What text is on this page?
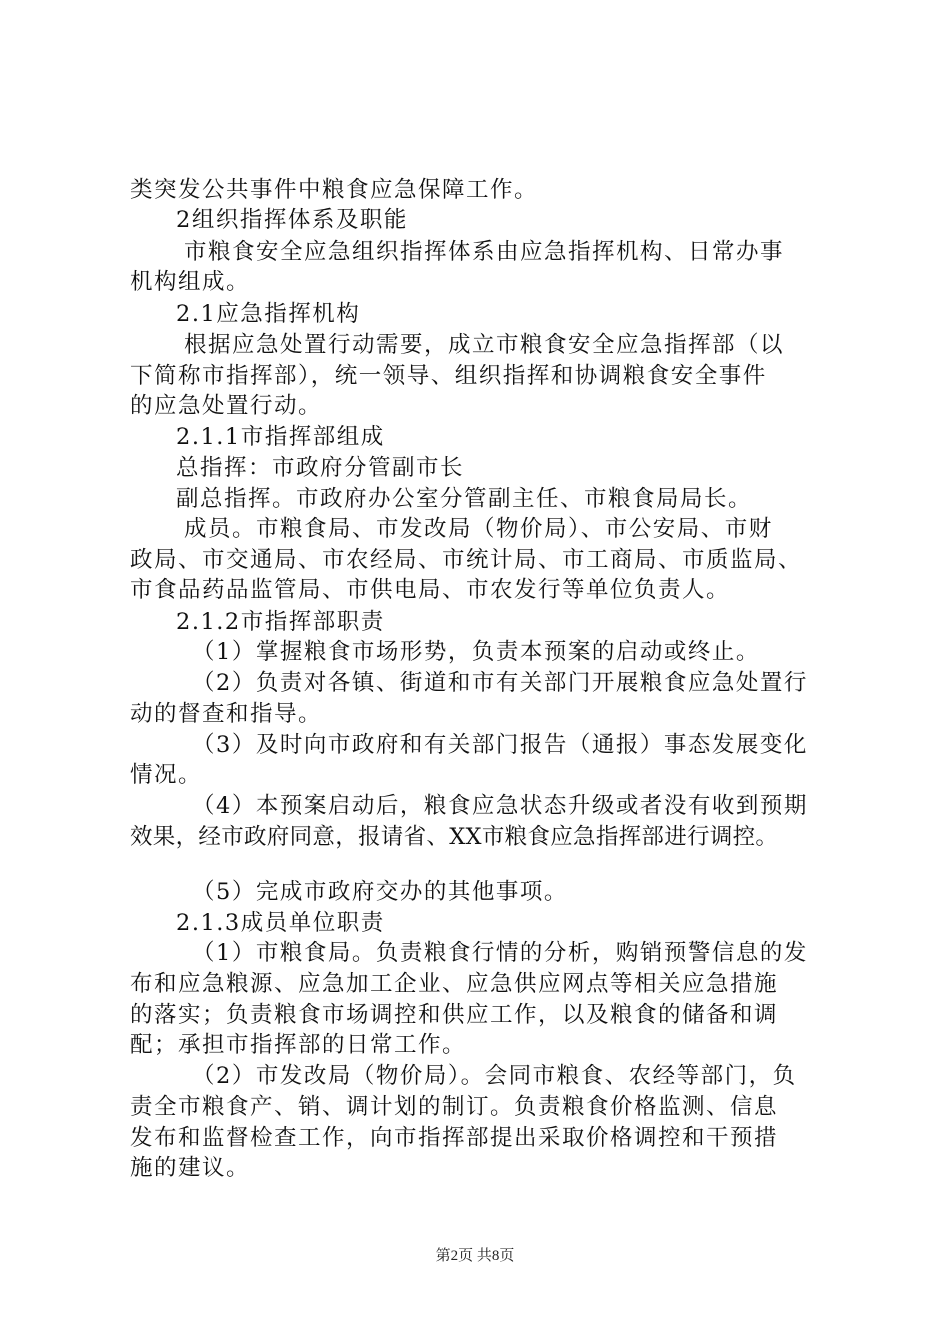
类突发公共事件中粮食应急保障工作。
2组织指挥体系及职能
市粮食安全应急组织指挥体系由应急指挥机构、日常办事
机构组成。
2.1应急指挥机构
根据应急处置行动需要，成立市粮食安全应急指挥部（以
下简称市指挥部），统一领导、组织指挥和协调粮食安全事件
的应急处置行动。
2.1.1市指挥部组成
总指挥：市政府分管副市长
副总指挥。市政府办公室分管副主任、市粮食局局长。
成员。市粮食局、市发改局（物价局）、市公安局、市财
政局、市交通局、市农经局、市统计局、市工商局、市质监局、
市食品药品监管局、市供电局、市农发行等单位负责人。
2.1.2市指挥部职责
（1）掌握粮食市场形势，负责本预案的启动或终止。
（2）负责对各镇、街道和市有关部门开展粮食应急处置行
动的督查和指导。
（3）及时向市政府和有关部门报告（通报）事态发展变化
情况。
（4）本预案启动后，粮食应急状态升级或者没有收到预期
效果，经市政府同意，报请省、XX市粮食应急指挥部进行调控。
（5）完成市政府交办的其他事项。
2.1.3成员单位职责
（1）市粮食局。负责粮食行情的分析，购销预警信息的发
布和应急粮源、应急加工企业、应急供应网点等相关应急措施
的落实；负责粮食市场调控和供应工作，以及粮食的储备和调
配；承担市指挥部的日常工作。
（2）市发改局（物价局）。会同市粮食、农经等部门，负
责全市粮食产、销、调计划的制订。负责粮食价格监测、信息
发布和监督检查工作，向市指挥部提出采取价格调控和干预措
施的建议。
第2页 共8页
